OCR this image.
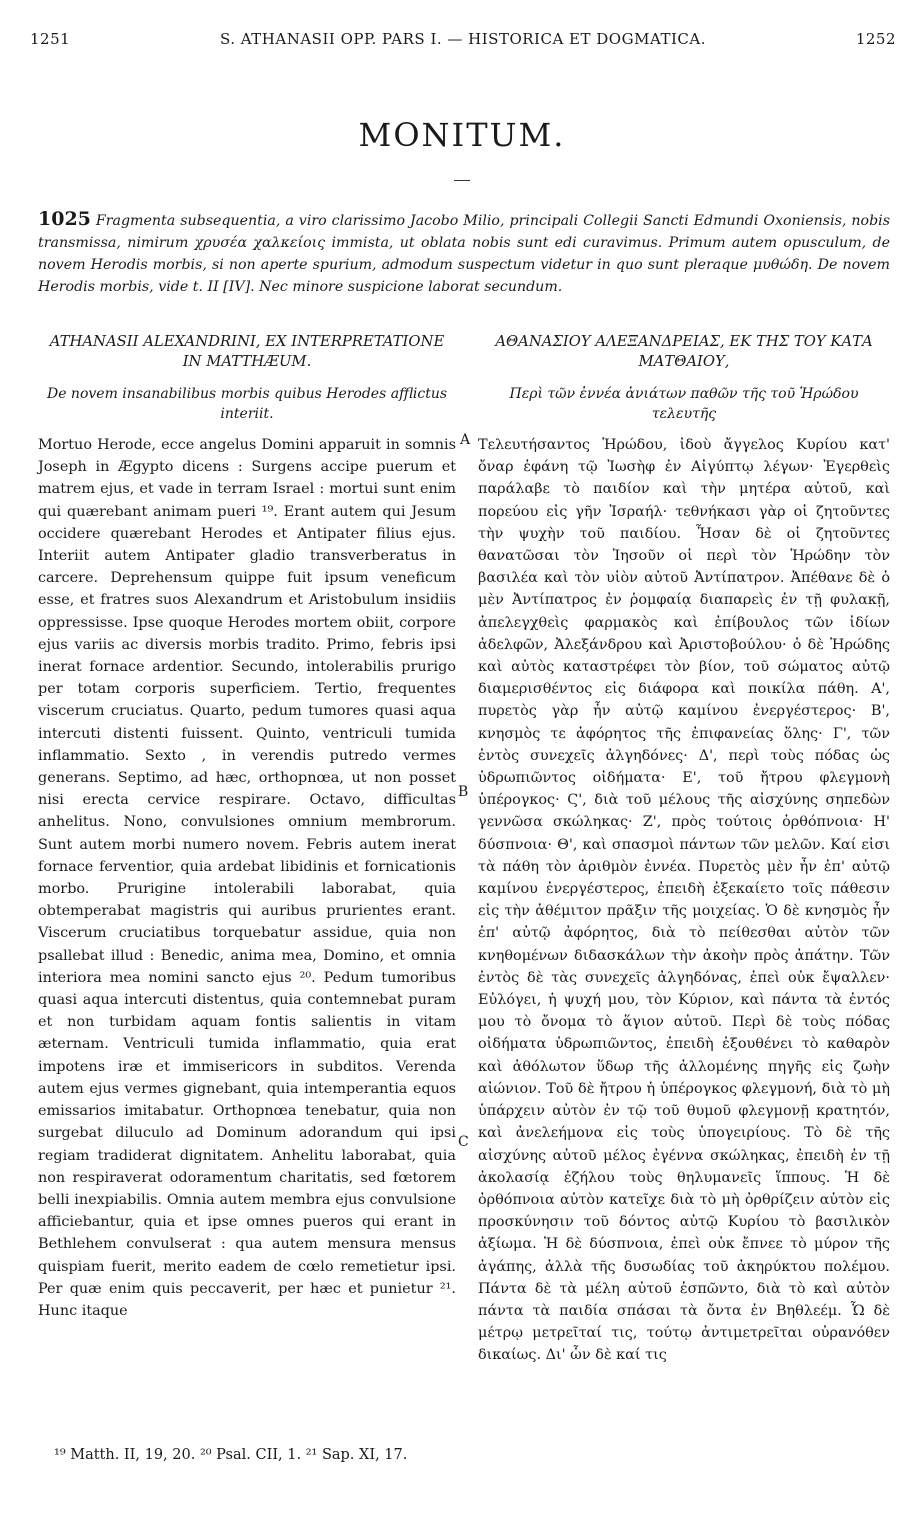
1251	S. ATHANASII OPP. PARS I. — HISTORICA ET DOGMATICA.	1252
MONITUM.
1025 Fragmenta subsequentia, a viro clarissimo Jacobo Milio, principali Collegii Sancti Edmundi Oxoniensis, nobis transmissa, nimirum χρυσέα χαλκείοις immista, ut oblata nobis sunt edi curavimus. Primum autem opusculum, de novem Herodis morbis, si non aperte spurium, admodum suspectum videtur in quo sunt pleraque μυθώδη. De novem Herodis morbis, vide t. II [IV]. Nec minore suspicione laborat secundum.
ATHANASII ALEXANDRINI, EX INTERPRETATIONE IN MATTHÆUM.
De novem insanabilibus morbis quibus Herodes afflictus interiit.
Mortuo Herode, ecce angelus Domini apparuit in somnis Joseph in Ægypto dicens : Surgens accipe puerum et matrem ejus, et vade in terram Israel : mortui sunt enim qui quærebant animam pueri ¹⁹. Erant autem qui Jesum occidere quærebant Herodes et Antipater filius ejus. Interiit autem Antipater gladio transverberatus in carcere. Deprehensum quippe fuit ipsum veneficum esse, et fratres suos Alexandrum et Aristobulum insidiis oppressisse. Ipse quoque Herodes mortem obiit, corpore ejus variis ac diversis morbis tradito. Primo, febris ipsi inerat fornace ardentior. Secundo, intolerabilis prurigo per totam corporis superficiem. Tertio, frequentes viscerum cruciatus. Quarto, pedum tumores quasi aqua intercuti distenti fuissent. Quinto, ventriculi tumida inflammatio. Sexto , in verendis putredo vermes generans. Septimo, ad hæc, orthopnœa, ut non posset nisi erecta cervice respirare. Octavo, difficultas anhelitus. Nono, convulsiones omnium membrorum. Sunt autem morbi numero novem. Febris autem inerat fornace ferventior, quia ardebat libidinis et fornicationis morbo. Prurigine intolerabili laborabat, quia obtemperabat magistris qui auribus prurientes erant. Viscerum cruciatibus torquebatur assidue, quia non psallebat illud : Benedic, anima mea, Domino, et omnia interiora mea nomini sancto ejus ²⁰. Pedum tumoribus quasi aqua intercuti distentus, quia contemnebat puram et non turbidam aquam fontis salientis in vitam æternam. Ventriculi tumida inflammatio, quia erat impotens iræ et immisericors in subditos. Verenda autem ejus vermes gignebant, quia intemperantia equos emissarios imitabatur. Orthopnœa tenebatur, quia non surgebat diluculo ad Dominum adorandum qui ipsi regiam tradiderat dignitatem. Anhelitu laborabat, quia non respiraverat odoramentum charitatis, sed fœtorem belli inexpiabilis. Omnia autem membra ejus convulsione afficiebantur, quia et ipse omnes pueros qui erant in Bethlehem convulserat : qua autem mensura mensus quispiam fuerit, merito eadem de cœlo remetietur ipsi. Per quæ enim quis peccaverit, per hæc et punietur ²¹. Hunc itaque
ΑΘΑΝΑΣΙΟΥ ΑΛΕΞΑΝΔΡΕΙΑΣ, ΕΚ ΤΗΣ ΤΟΥ ΚΑΤΑ ΜΑΤΘΑΙΟΥ,
Περὶ τῶν ἐννέα ἀνιάτων παθῶν τῆς τοῦ Ἡρώδου τελευτῆς
Τελευτήσαντος Ἡρώδου, ἰδοὺ ἄγγελος Κυρίου κατ' ὄναρ ἐφάνη τῷ Ἰωσὴφ ἐν Αἰγύπτῳ λέγων· Ἐγερθεὶς παράλαβε τὸ παιδίον καὶ τὴν μητέρα αὐτοῦ, καὶ πορεύου εἰς γῆν Ἰσραήλ· τεθνήκασι γὰρ οἱ ζητοῦντες τὴν ψυχὴν τοῦ παιδίου. Ἦσαν δὲ οἱ ζητοῦντες θανατῶσαι τὸν Ἰησοῦν οἱ περὶ τὸν Ἡρώδην τὸν βασιλέα καὶ τὸν υἱὸν αὐτοῦ Ἀντίπατρον. Ἀπέθανε δὲ ὁ μὲν Ἀντίπατρος ἐν ῥομφαίᾳ διαπαρεὶς ἐν τῇ φυλακῇ, ἀπελεγχθεὶς φαρμακὸς καὶ ἐπίβουλος τῶν ἰδίων ἀδελφῶν, Ἀλεξάνδρου καὶ Ἀριστοβούλου· ὁ δὲ Ἡρώδης καὶ αὐτὸς καταστρέφει τὸν βίον, τοῦ σώματος αὐτῷ διαμερισθέντος εἰς διάφορα καὶ ποικίλα πάθη. Α', πυρετὸς γὰρ ἦν αὐτῷ καμίνου ἐνεργέστερος· Β', κνησμὸς τε ἀφόρητος τῆς ἐπιφανείας ὅλης· Γ', τῶν ἐντὸς συνεχεῖς ἀλγηδόνες· Δ', περὶ τοὺς πόδας ὡς ὑδρωπιῶντος οἰδήματα· Ε', τοῦ ἤτρου φλεγμονὴ ὑπέρογκος· Ϛ', διὰ τοῦ μέλους τῆς αἰσχύνης σηπεδὼν γεννῶσα σκώληκας· Ζ', πρὸς τούτοις ὀρθόπνοια· Η' δύσπνοια· Θ', καὶ σπασμοὶ πάντων τῶν μελῶν. Καί εἰσι τὰ πάθη τὸν ἀριθμὸν ἐννέα. Πυρετὸς μὲν ἦν ἐπ' αὐτῷ καμίνου ἐνεργέστερος, ἐπειδὴ ἐξεκαίετο τοῖς πάθεσιν εἰς τὴν ἀθέμιτον πρᾶξιν τῆς μοιχείας. Ὁ δὲ κνησμὸς ἦν ἐπ' αὐτῷ ἀφόρητος, διὰ τὸ πείθεσθαι αὐτὸν τῶν κνηθομένων διδασκάλων τὴν ἀκοὴν πρὸς ἀπάτην. Τῶν ἐντὸς δὲ τὰς συνεχεῖς ἀλγηδόνας, ἐπεὶ οὐκ ἔψαλλεν· Εὐλόγει, ἡ ψυχή μου, τὸν Κύριον, καὶ πάντα τὰ ἐντός μου τὸ ὄνομα τὸ ἅγιον αὐτοῦ. Περὶ δὲ τοὺς πόδας οἰδήματα ὑδρωπιῶντος, ἐπειδὴ ἐξουθένει τὸ καθαρὸν καὶ ἀθόλωτον ὕδωρ τῆς ἁλλομένης πηγῆς εἰς ζωὴν αἰώνιον. Τοῦ δὲ ἤτρου ἡ ὑπέρογκος φλεγμονή, διὰ τὸ μὴ ὑπάρχειν αὐτὸν ἐν τῷ τοῦ θυμοῦ φλεγμονῇ κρατητόν, καὶ ἀνελεήμονα εἰς τοὺς ὑπογειρίους. Τὸ δὲ τῆς αἰσχύνης αὐτοῦ μέλος ἐγέννα σκώληκας, ἐπειδὴ ἐν τῇ ἀκολασίᾳ ἐζήλου τοὺς θηλυμανεῖς ἵππους. Ἡ δὲ ὀρθόπνοια αὐτὸν κατεῖχε διὰ τὸ μὴ ὀρθρίζειν αὐτὸν εἰς προσκύνησιν τοῦ δόντος αὐτῷ Κυρίου τὸ βασιλικὸν ἀξίωμα. Ἡ δὲ δύσπνοια, ἐπεὶ οὐκ ἔπνεε τὸ μύρον τῆς ἀγάπης, ἀλλὰ τῆς δυσωδίας τοῦ ἀκηρύκτου πολέμου. Πάντα δὲ τὰ μέλη αὐτοῦ ἐσπῶντο, διὰ τὸ καὶ αὐτὸν πάντα τὰ παιδία σπάσαι τὰ ὄντα ἐν Βηθλεέμ. Ὧ δὲ μέτρῳ μετρεῖταί τις, τούτῳ ἀντιμετρεῖται οὐρανόθεν δικαίως. Δι' ὧν δὲ καί τις
A
B
C
¹⁹ Matth. II, 19, 20. ²⁰ Psal. CII, 1. ²¹ Sap. XI, 17.
